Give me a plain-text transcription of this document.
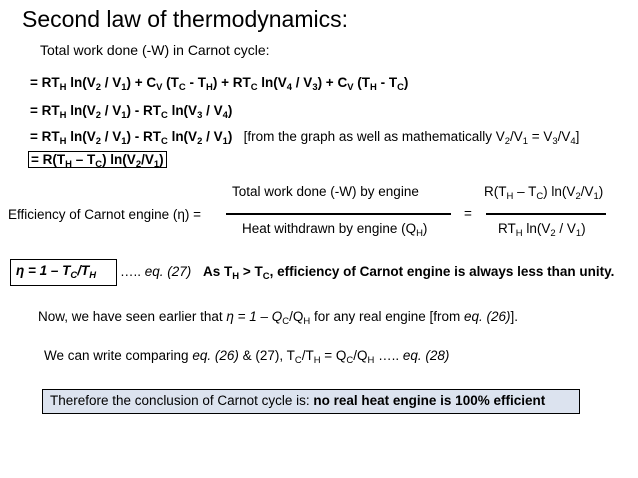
Second law of thermodynamics:
Total work done (-W) in Carnot cycle:
= $RT_H$ $\ln(V_2 / V_1) + C_V$ $(T_C - T_H) + RT_C$ $\ln(V_4 / V_3) + C_V$ $(T_H - T_C)$
= $RT_H$ $\ln(V_2 / V_1) - RT_C$ $\ln(V_3 / V_4)$
= $RT_H$ $\ln(V_2 / V_1) - RT_C$ $\ln(V_2 / V_1)$ [from the graph as well as mathematically $V_2/V_1 = V_3/V_4$]
= $R(T_H - T_C)$ $\ln(V_2/V_1)$
Efficiency of Carnot engine (η) =
Total work done (-W) by engine
Heat withdrawn by engine $(Q_H)$
=
$R(T_H - T_C)$ $\ln(V_2/V_1)$
$RT_H$ $\ln(V_2 / V_1)$
$\eta = 1 - T_C/T_H$ ….. eq. (27) As $T_H > T_C$, efficiency of Carnot engine is always less than unity.
Now, we have seen earlier that $\eta = 1 - Q_C/Q_H$ for any real engine [from eq. (26)].
We can write comparing eq. (26) & (27), $T_C/T_H = Q_C/Q_H$ ….. eq. (28)
Therefore the conclusion of Carnot cycle is: no real heat engine is 100% efficient
